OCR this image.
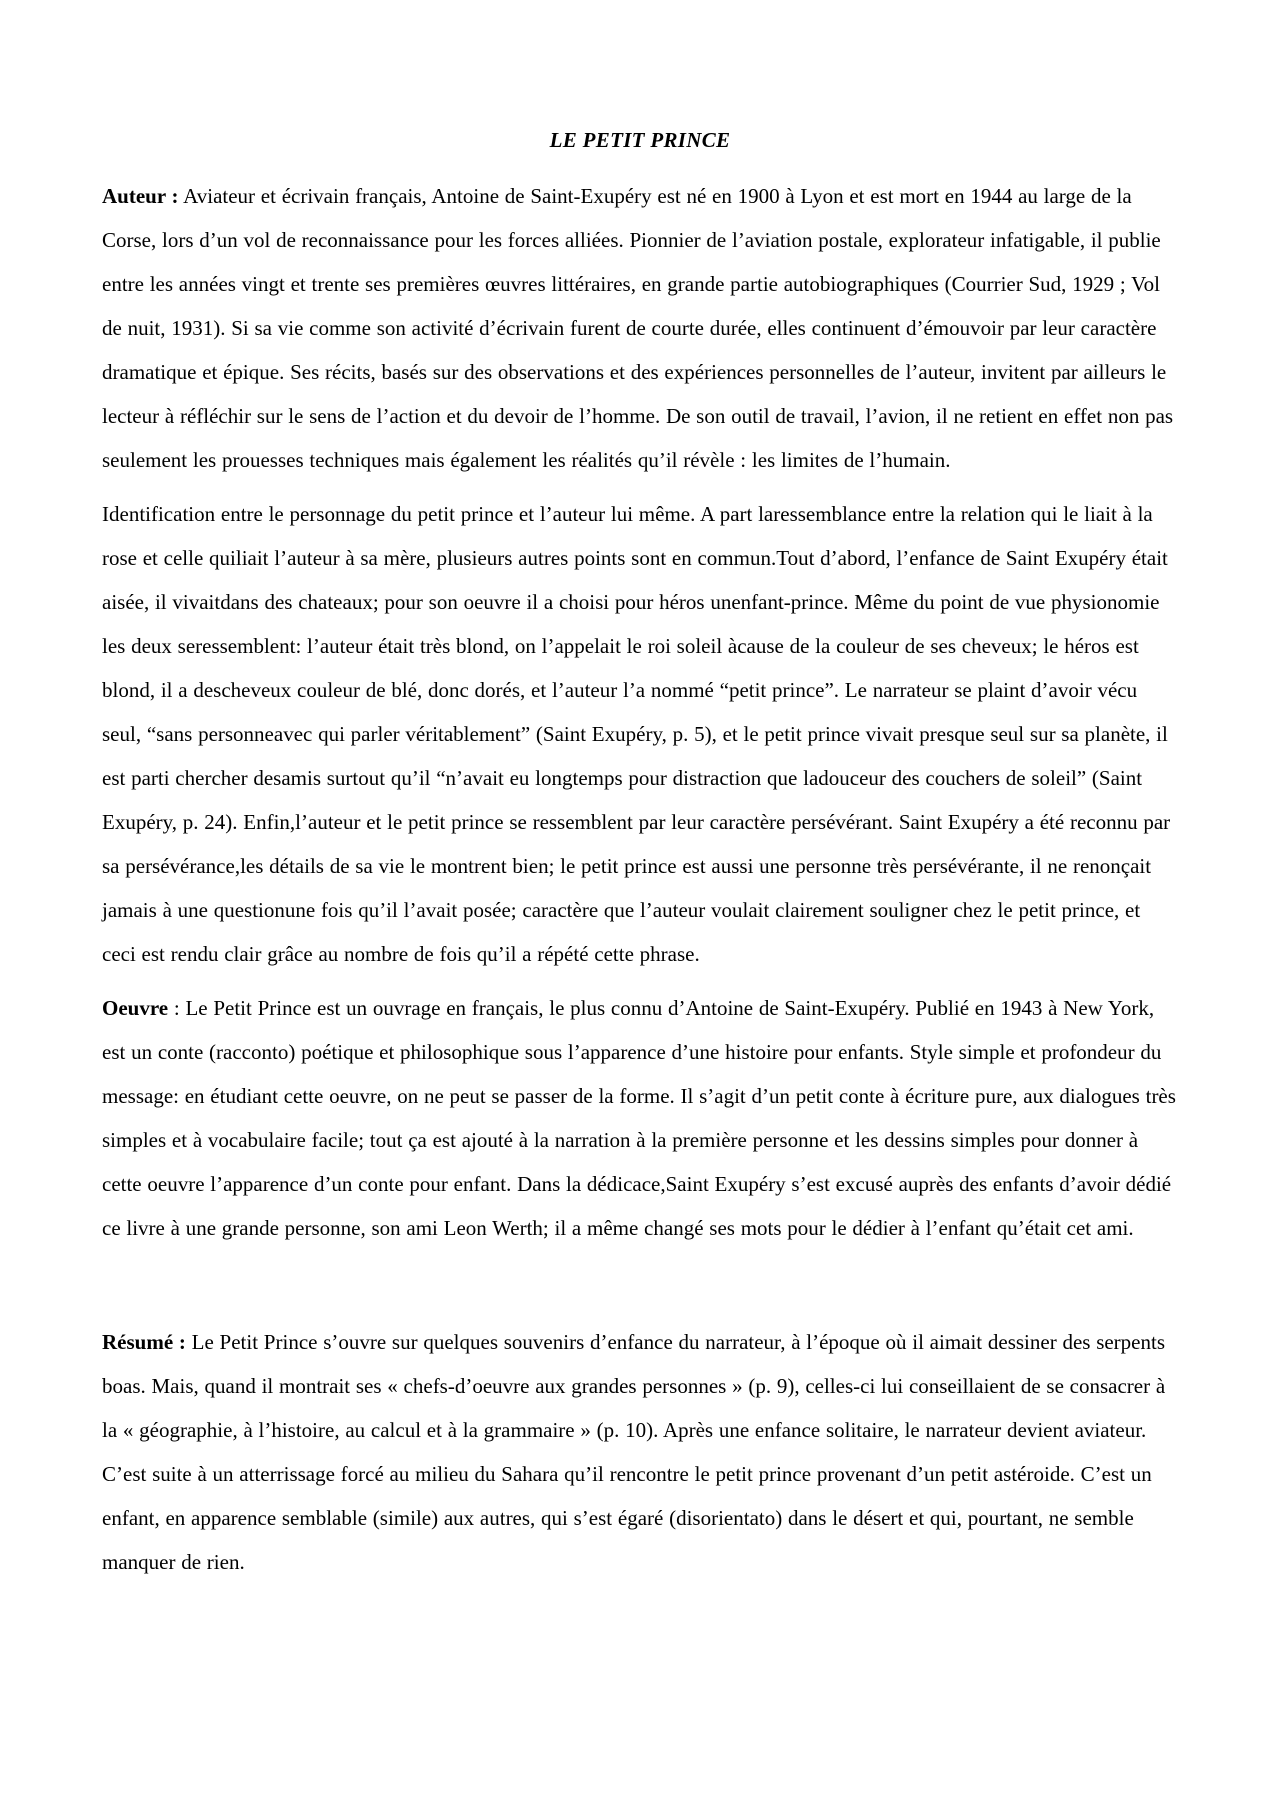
LE PETIT PRINCE

Auteur : Aviateur et écrivain français, Antoine de Saint-Exupéry est né en 1900 à Lyon et est mort en 1944 au large de la Corse, lors d’un vol de reconnaissance pour les forces alliées. Pionnier de l’aviation postale, explorateur infatigable, il publie entre les années vingt et trente ses premières œuvres littéraires, en grande partie autobiographiques (Courrier Sud, 1929 ; Vol de nuit, 1931). Si sa vie comme son activité d’écrivain furent de courte durée, elles continuent d’émouvoir par leur caractère dramatique et épique. Ses récits, basés sur des observations et des expériences personnelles de l’auteur, invitent par ailleurs le lecteur à réfléchir sur le sens de l’action et du devoir de l’homme. De son outil de travail, l’avion, il ne retient en effet non pas seulement les prouesses techniques mais également les réalités qu’il révèle : les limites de l’humain.

Identification entre le personnage du petit prince et l’auteur lui même. A part laressemblance entre la relation qui le liait à la rose et celle quiliait l’auteur à sa mère, plusieurs autres points sont en commun.Tout d’abord, l’enfance de Saint Exupéry était aisée, il vivaitdans des chateaux; pour son oeuvre il a choisi pour héros unenfant-prince. Même du point de vue physionomie les deux seressemblent: l’auteur était très blond, on l’appelait le roi soleil àcause de la couleur de ses cheveux; le héros est blond, il a descheveux couleur de blé, donc dorés, et l’auteur l’a nommé “petit prince”. Le narrateur se plaint d’avoir vécu seul, “sans personneavec qui parler véritablement” (Saint Exupéry, p. 5), et le petit prince vivait presque seul sur sa planète, il est parti chercher desamis surtout qu’il “n’avait eu longtemps pour distraction que ladouceur des couchers de soleil” (Saint Exupéry, p. 24). Enfin,l’auteur et le petit prince se ressemblent par leur caractère persévérant. Saint Exupéry a été reconnu par sa persévérance,les détails de sa vie le montrent bien; le petit prince est aussi une personne très persévérante, il ne renonçait jamais à une questionune fois qu’il l’avait posée; caractère que l’auteur voulait clairement souligner chez le petit prince, et ceci est rendu clair grâce au nombre de fois qu’il a répété cette phrase.

Oeuvre : Le Petit Prince est un ouvrage en français, le plus connu d’Antoine de Saint-Exupéry. Publié en 1943 à New York, est un conte (racconto) poétique et philosophique sous l’apparence d’une histoire pour enfants. Style simple et profondeur du message: en étudiant cette oeuvre, on ne peut se passer de la forme. Il s’agit d’un petit conte à écriture pure, aux dialogues très simples et à vocabulaire facile; tout ça est ajouté à la narration à la première personne et les dessins simples pour donner à cette oeuvre l’apparence d’un conte pour enfant. Dans la dédicace,Saint Exupéry s’est excusé auprès des enfants d’avoir dédié ce livre à une grande personne, son ami Leon Werth; il a même changé ses mots pour le dédier à l’enfant qu’était cet ami.

Résumé : Le Petit Prince s’ouvre sur quelques souvenirs d’enfance du narrateur, à l’époque où il aimait dessiner des serpents boas. Mais, quand il montrait ses « chefs-d’oeuvre aux grandes personnes » (p. 9), celles-ci lui conseillaient de se consacrer à la « géographie, à l’histoire, au calcul et à la grammaire » (p. 10). Après une enfance solitaire, le narrateur devient aviateur. C’est suite à un atterrissage forcé au milieu du Sahara qu’il rencontre le petit prince provenant d’un petit astéroide. C’est un enfant, en apparence semblable (simile) aux autres, qui s’est égaré (disorientato) dans le désert et qui, pourtant, ne semble manquer de rien.
